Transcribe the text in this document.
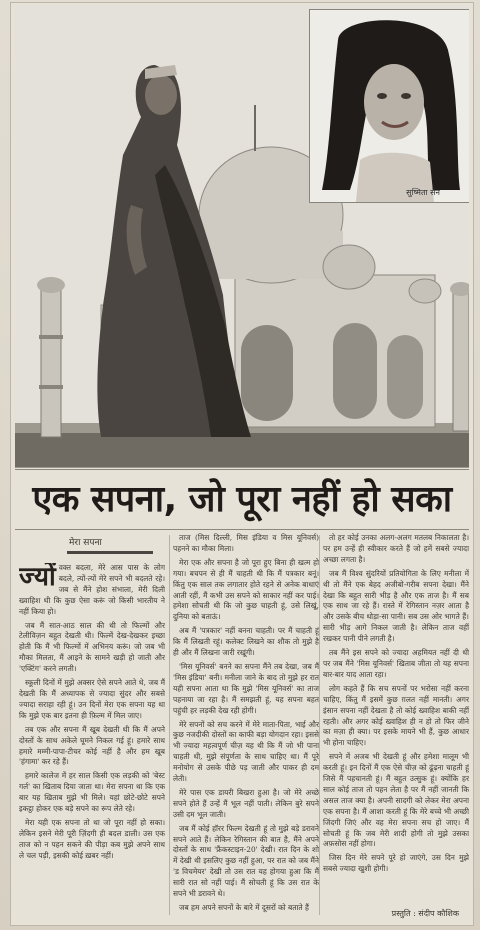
सुष्मिता सेन
एक सपना, जो पूरा नहीं हो सका
मेरा सपना
ज्यों वक्त बदला, मेरे आस पास के लोग बदले, त्यों-त्यों मेरे सपने भी बदलते रहे। जब से मैंने होश संभाला, मेरी दिली ख्वाहिश थी कि कुछ ऐसा करूं जो किसी भारतीय ने नहीं किया हो।

जब मैं सात-आठ साल की थी तो फिल्मों और टेलीविज़न बहुत देखती थी। फिल्में देख-देखकर इच्छा होती कि मैं भी फिल्मों में अभिनय करूं। जो जब भी मौका मिलता, मैं आइने के सामने खड़ी हो जाती और 'एक्टिंग' करने लगती।

स्कूली दिनों में मुझे अक्सर ऐसे सपने आते थे, जब मैं देखती कि मैं अध्यापक से ज्यादा सुंदर और सबसे ज्यादा सराहा रही हूं। उन दिनों मेरा एक सपना यह था कि मुझे एक बार इतना ही फ़िल्म में मिल जाए।

तब एक और सपना मैं खूब देखती थी कि मैं अपने दोस्तों के साथ अकेले घूमने निकल गई हूं। हमारे साथ हमारे मम्मी-पापा-टीचर कोई नहीं है और हम खूब 'हंगामा' कर रहे हैं।

हमारे कालेज में हर साल किसी एक लड़की को 'बेस्ट गर्ल' का खिताब दिया जाता था। मेरा सपना था कि एक बार यह खिताब मुझे भी मिले। यहां छोटे-छोटे सपने इकट्ठा होकर एक बड़े सपने का रूप लेते रहे।

मेरा यही एक सपना तो था जो पूरा नहीं हो सका। लेकिन इसने मेरी पूरी ज़िंदगी ही बदल डाली। उस एक ताज को न पहन सकने की पीड़ा कब मुझे अपने साथ ले चल पड़ी, इसकी कोई ख़बर नहीं।

ताज (मिस दिल्ली, मिस इंडिया व मिस यूनिवर्स) पहनने का मौका मिला।

मेरा एक और सपना है जो पूरा हुए बिना ही खत्म हो गया। बचपन से ही मैं चाहती थी कि मैं पत्रकार बनूं। किंतु एक साल तक लगातार होते रहने से अनेक बाधाएं आती रहीं, मैं कभी उस सपने को साकार नहीं कर पाई। हमेशा सोचती थी कि जो कुछ चाहती हूं, उसे लिखूं, दुनिया को बताऊं।

अब मैं 'पत्रकार' नहीं बनना चाहती। पर मैं चाहती हूं कि मैं लिखती रहूं। कलेक्ट लिखने का शौक तो मुझे है ही और मैं लिखना जारी रखूंगी।

'मिस यूनिवर्स' बनने का सपना मैंने तब देखा, जब मैं 'मिस इंडिया' बनी। मनीला जाने के बाद तो मुझे हर रात यही सपना आता था कि मुझे 'मिस यूनिवर्स' का ताज पहनाया जा रहा है। मैं समझती हूं, यह सपना बहत पहुंची हर लड़की देख रही होगी।

मेरे सपनों को सच करने में मेरे माता-पिता, भाई और कुछ नजदीकी दोस्तों का काफी बड़ा योगदान रहा। इससे भी ज्यादा महत्वपूर्ण चीज़ यह थी कि मैं जो भी पाना चाहती थी, मुझे संपूर्णता के साथ चाहिए था। मैं पूरे मनोयोग से उसके पीछे पड़ जाती और पाकर ही दम लेती।

मेरे पास एक डायरी बिखरा हुआ है। जो मेरे अच्छे सपने होते हैं उन्हें मैं भूल नहीं पाती। लेकिन बुरे सपने उसी दम भूल जाती।

जब मैं कोई हॉरर फिल्म देखती हूं तो मुझे बड़े डरावने सपने आते हैं। लेकिन रेगिस्तान की बात है, मैंने अपने दोस्तों के साथ 'फ्रैंकस्टाइन-20' देखी। रात दिन के शो में देखी थी इसलिए कुछ नहीं हुआ, पर रात को जब मैंने 'ड विचमेयर' देखी तो उस रात यह होगया हुआ कि मैं सारी रात सो नहीं पाई। मैं सोचती हूं कि उस रात के सपने भी डरावने थे।

जब हम अपने सपनों के बारे में दूसरों को बताते हैं

तो हर कोई उनका अलग-अलग मतलब निकालता है। पर हम उन्हें ही स्वीकार करते हैं जो हमें सबसे ज्यादा अच्छा लगता है।

जब मैं विश्व सुंदरियों प्रतियोगिता के लिए मनीला में थी तो मैंने एक बेहद अजीबो-गरीब सपना देखा। मैंने देखा कि बहुत सारी भीड़ है और एक ताज है। मैं सब एक साथ जा रहे हैं। रास्ते में रेगिस्तान नज़र आता है और उसके बीच थोड़ा-सा पानी। सब उस ओर भागते हैं। सारी भीड़ आगे निकल जाती है। लेकिन ताज वहीं रखकर पानी पीने लगती है।

तब मैंने इस सपने को ज्यादा अहमियत नहीं दी थी पर जब मैंने 'मिस यूनिवर्स' खिताब जीता तो यह सपना बार-बार याद आता रहा।

लोग कहते हैं कि सच सपनों पर भरोसा नहीं करना चाहिए, किंतु मैं इसमें कुछ ग़लत नहीं मानती। अगर इंसान सपना नहीं देखता है तो कोई ख्वाहिश बाकी नहीं रहती। और अगर कोई ख्वाहिश ही न हो तो फिर जीने का मज़ा ही क्या। पर इसके मायने भी हैं, कुछ आधार भी होना चाहिए।

सपने में अजब भी देखती हूं और हमेशा मालूम भी करती हूं। इन दिनों मैं एक ऐसे चीज़ को ढूंढ़ना चाहती हूं जिसे मैं पहचानती हूं। मैं बहुत उत्सुक हूं। क्योंकि हर साल कोई ताज तो पहन लेता है पर मैं नहीं जानती कि असल ताज क्या है। अपनी सादगी को लेकर मेरा अपना एक सपना है। मैं आशा करती हूं कि मेरे बच्चे भी अच्छी जिंदगी जिएं और वह मेरा सपना सच हो जाए। मैं सोचती हूं कि जब मेरी शादी होगी तो मुझे उसका अफ़सोस नहीं होगा।

जिस दिन मेरे सपने पूरे हो जाएंगे, उस दिन मुझे सबसे ज्यादा खुशी होगी।

प्रस्तुति : संदीप कौशिक
